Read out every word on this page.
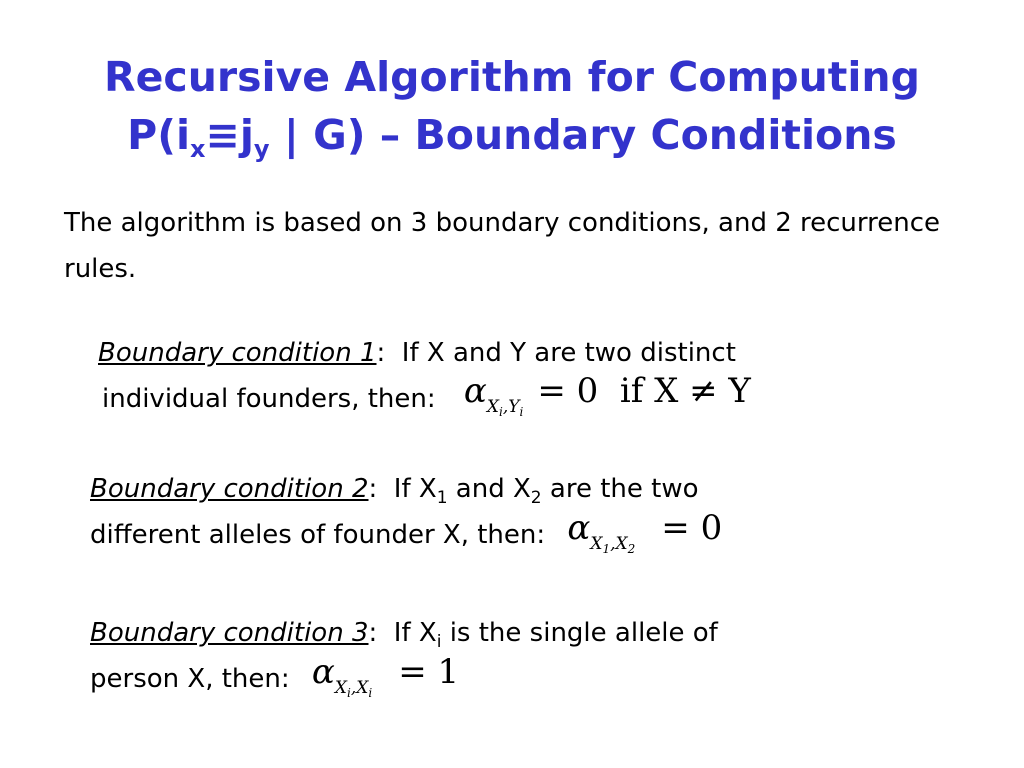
Recursive Algorithm for Computing
$P(i_x\equiv j_y$ | G) – Boundary Conditions
The algorithm is based on 3 boundary conditions, and 2 recurrence rules.
Boundary condition 1:  If X and Y are two distinct
individual founders, then: $\alpha_{X_i,Y_i}= 0$  if X ≠ Y
Boundary condition 2:  If $X_1$ and $X_2$ are the two
different alleles of founder X, then: $\alpha_{X_1,X_2}= 0$
Boundary condition 3:  If $X_i$ is the single allele of
person X, then: $\alpha_{X_i,X_i}= 1$
